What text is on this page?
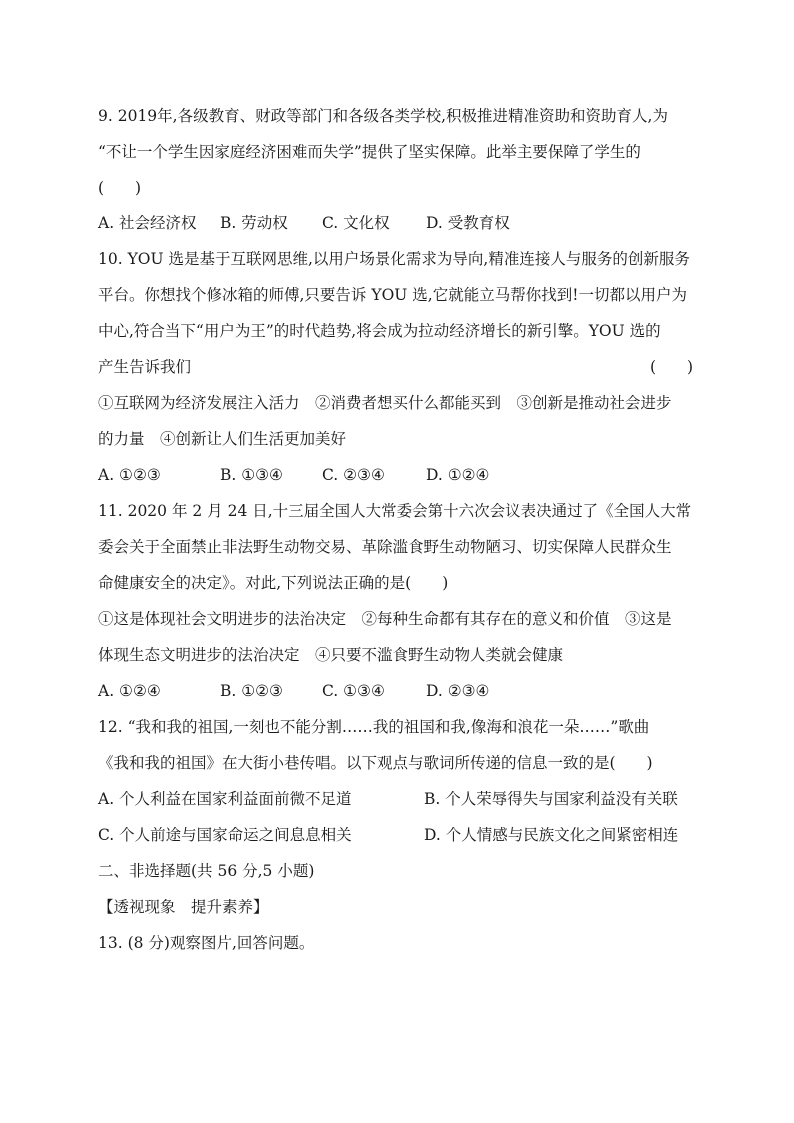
9. 2019年,各级教育、财政等部门和各级各类学校,积极推进精准资助和资助育人,为
“不让一个学生因家庭经济困难而失学”提供了坚实保障。此举主要保障了学生的
(　　)
A. 社会经济权 B. 劳动权 C. 文化权 D. 受教育权
10. YOU 选是基于互联网思维,以用户场景化需求为导向,精准连接人与服务的创新服务
平台。你想找个修冰箱的师傅,只要告诉 YOU 选,它就能立马帮你找到!一切都以用户为
中心,符合当下“用户为王”的时代趋势,将会成为拉动经济增长的新引擎。YOU 选的
产生告诉我们	(　　)
①互联网为经济发展注入活力　②消费者想买什么都能买到　③创新是推动社会进步
的力量　④创新让人们生活更加美好
A. ①②③	B. ①③④	C. ②③④	D. ①②④
11. 2020 年 2 月 24 日,十三届全国人大常委会第十六次会议表决通过了《全国人大常
委会关于全面禁止非法野生动物交易、革除滥食野生动物陋习、切实保障人民群众生
命健康安全的决定》。对此,下列说法正确的是(　　)
①这是体现社会文明进步的法治决定　②每种生命都有其存在的意义和价值　③这是
体现生态文明进步的法治决定　④只要不滥食野生动物人类就会健康
A. ①②④	B. ①②③	C. ①③④	D. ②③④
12. “我和我的祖国,一刻也不能分割……我的祖国和我,像海和浪花一朵……”歌曲
《我和我的祖国》在大街小巷传唱。以下观点与歌词所传递的信息一致的是(　　)
A. 个人利益在国家利益面前微不足道	B. 个人荣辱得失与国家利益没有关联
C. 个人前途与国家命运之间息息相关	D. 个人情感与民族文化之间紧密相连
二、非选择题(共 56 分,5 小题)
【透视现象　提升素养】
13. (8 分)观察图片,回答问题。
